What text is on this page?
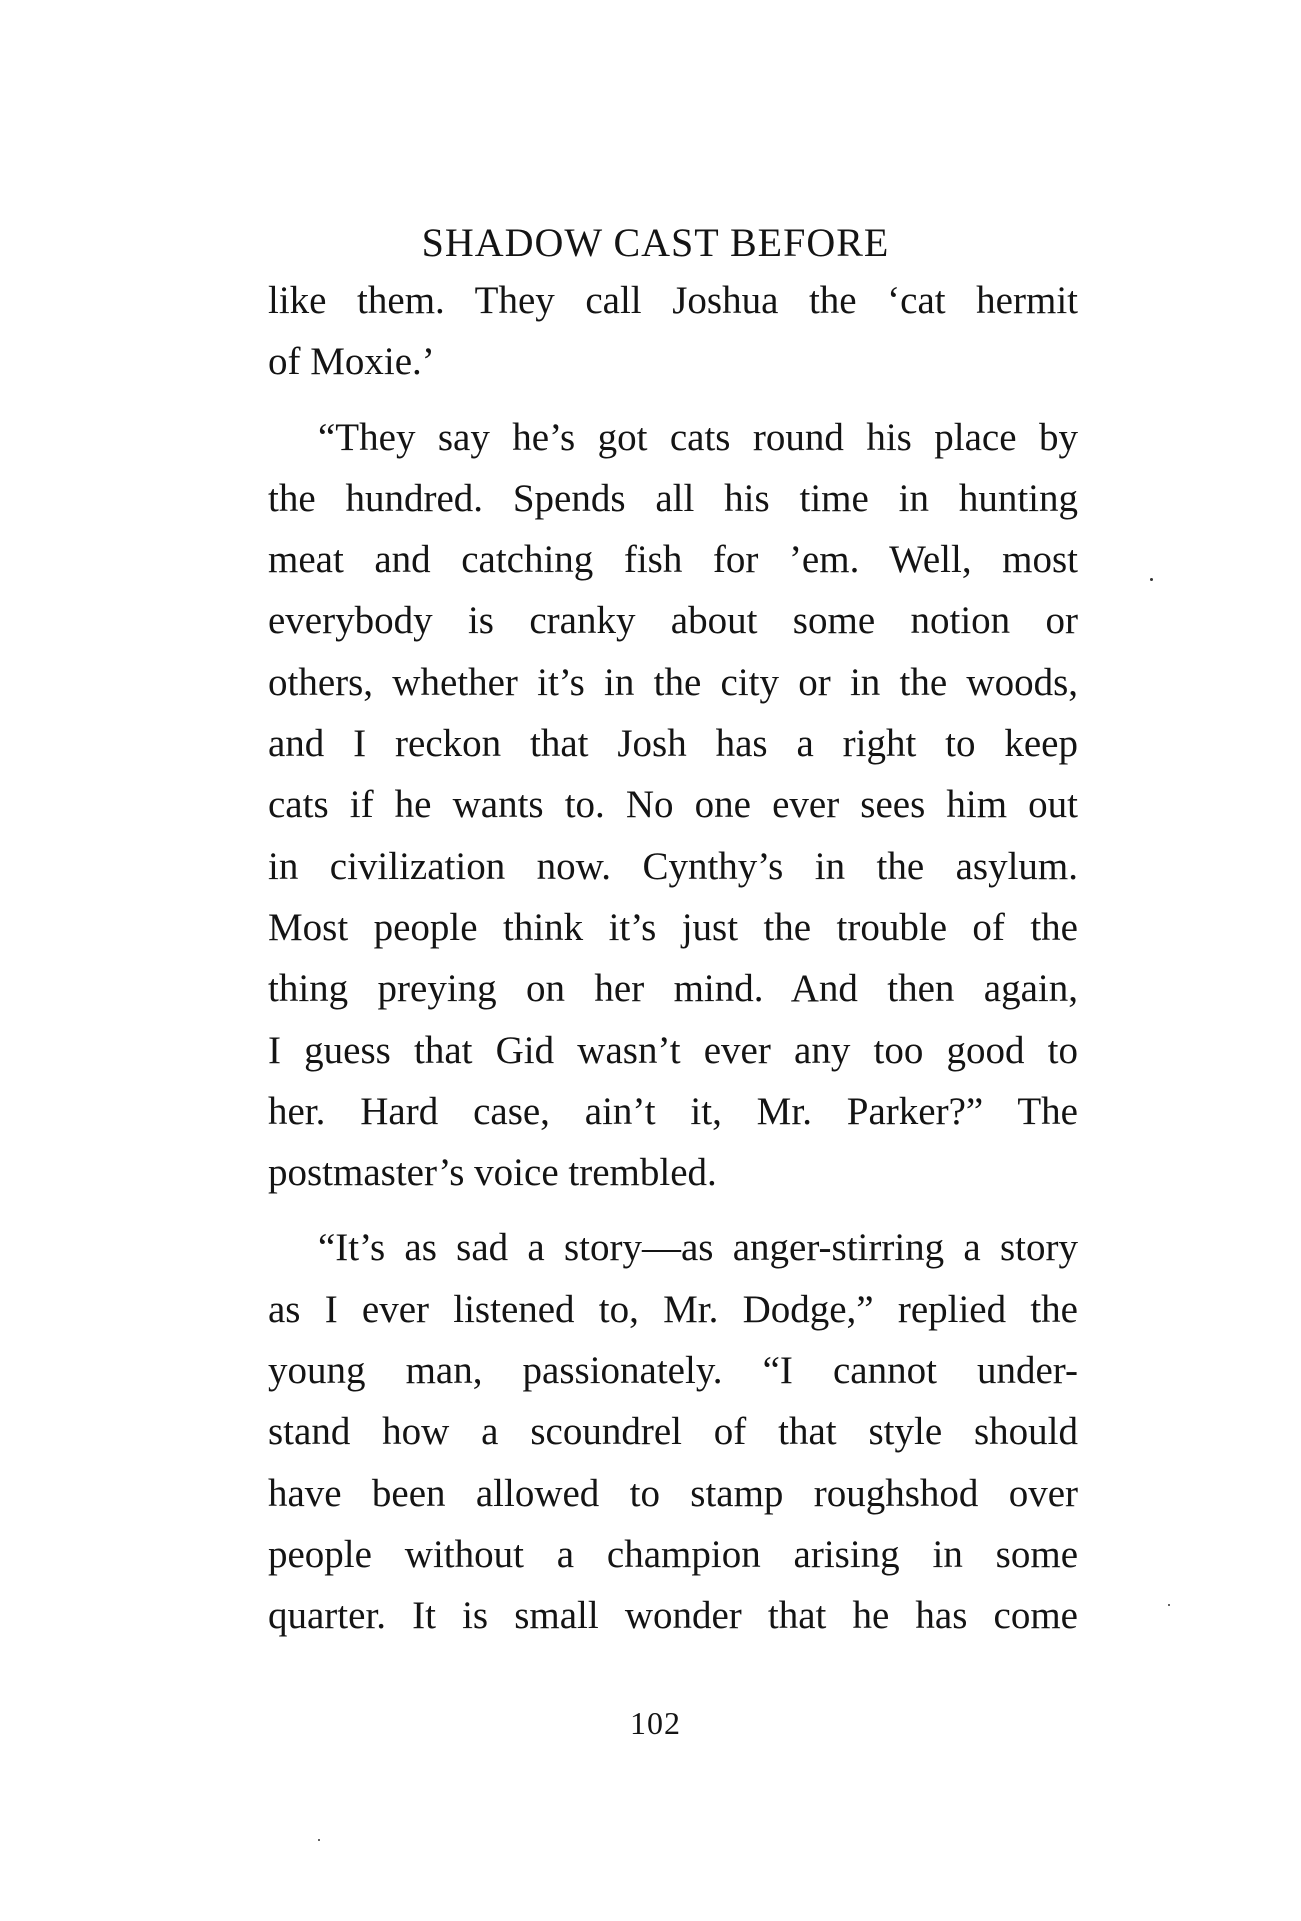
SHADOW CAST BEFORE
like them. They call Joshua the ‘cat hermit
of Moxie.’
“They say he’s got cats round his place by
the hundred. Spends all his time in hunting
meat and catching fish for ’em. Well, most
everybody is cranky about some notion or
others, whether it’s in the city or in the woods,
and I reckon that Josh has a right to keep
cats if he wants to. No one ever sees him out
in civilization now. Cynthy’s in the asylum.
Most people think it’s just the trouble of the
thing preying on her mind. And then again,
I guess that Gid wasn’t ever any too good to
her. Hard case, ain’t it, Mr. Parker?” The
postmaster’s voice trembled.
“It’s as sad a story—as anger-stirring a story
as I ever listened to, Mr. Dodge,” replied the
young man, passionately. “I cannot under-
stand how a scoundrel of that style should
have been allowed to stamp roughshod over
people without a champion arising in some
quarter. It is small wonder that he has come
102
